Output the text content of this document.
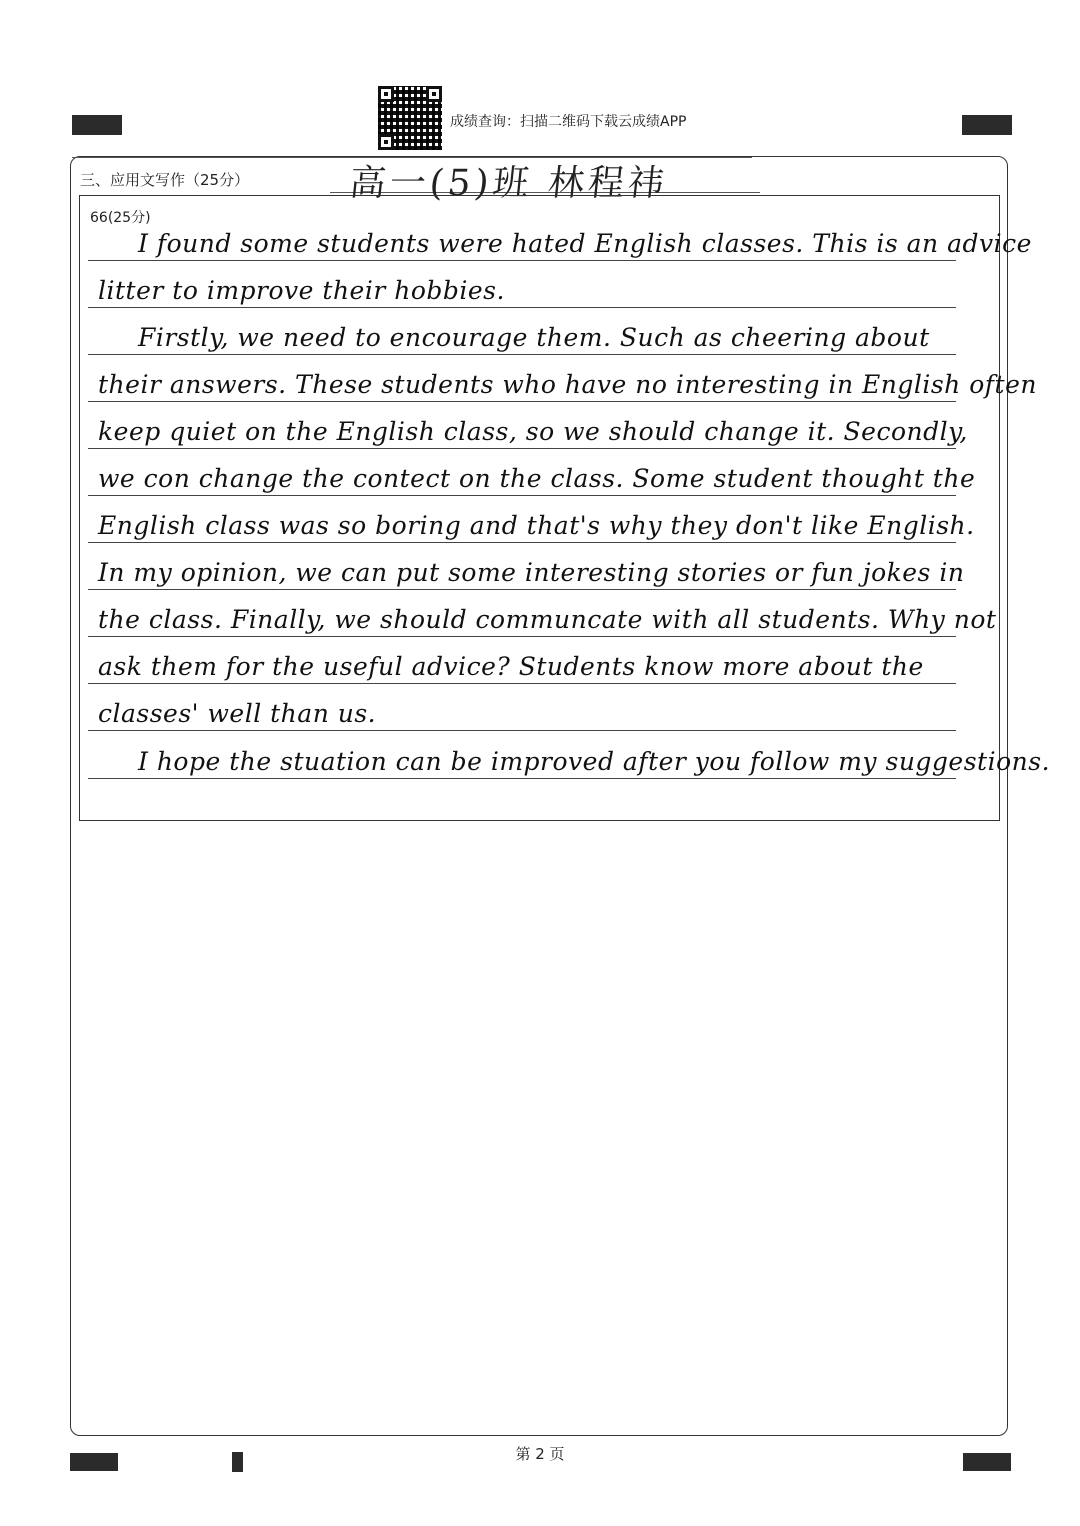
成绩查询：扫描二维码下载云成绩APP
三、应用文写作（25分）	高一(5)班 林程祎
66(25分)
I found some students were hated English classes. This is an advice
litter to improve their hobbies.
Firstly, we need to encourage them. Such as cheering about
their answers. These students who have no interesting in English often
keep quiet on the English class, so we should change it. Secondly,
we con change the contect on the class. Some student thought the
English class was so boring and that's why they don't like English.
In my opinion, we can put some interesting stories or fun jokes in
the class. Finally, we should communcate with all students. Why not
ask them for the useful advice? Students know more about the
classes' well than us.
I hope the stuation can be improved after you follow my suggestions.
第 2 页
